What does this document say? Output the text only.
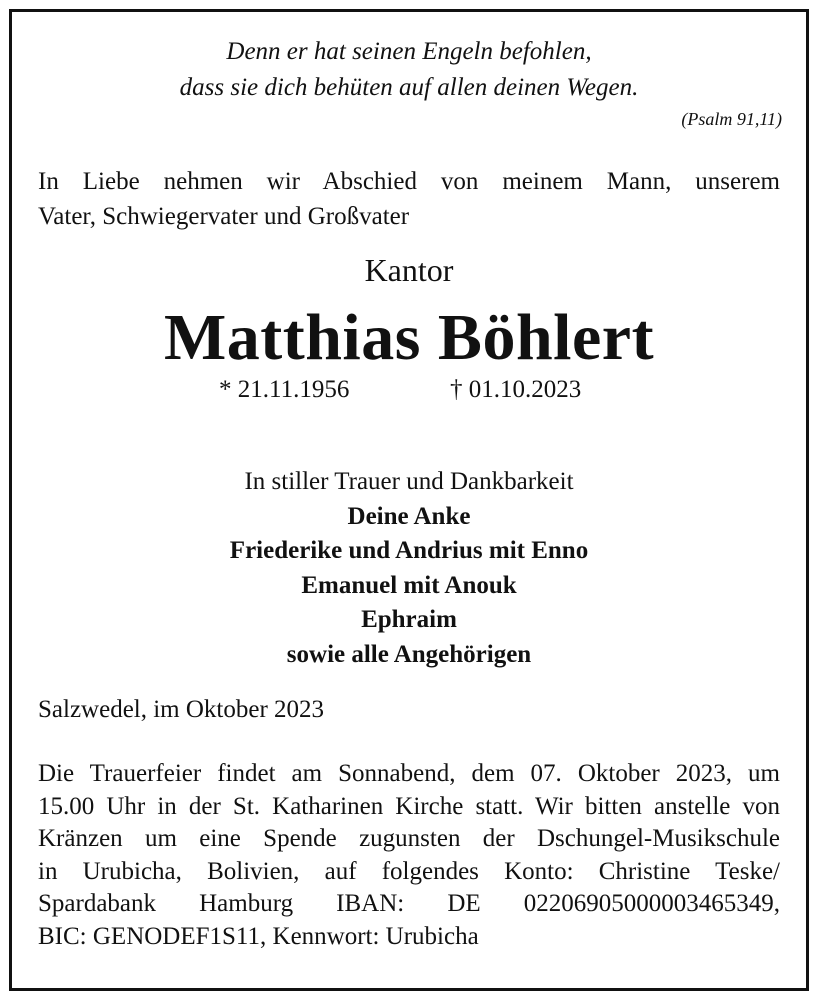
Denn er hat seinen Engeln befohlen,
dass sie dich behüten auf allen deinen Wegen.
(Psalm 91,11)
In Liebe nehmen wir Abschied von meinem Mann, unserem
Vater, Schwiegervater und Großvater
Kantor
Matthias Böhlert
* 21.11.1956	† 01.10.2023
In stiller Trauer und Dankbarkeit
Deine Anke
Friederike und Andrius mit Enno
Emanuel mit Anouk
Ephraim
sowie alle Angehörigen
Salzwedel, im Oktober 2023
Die Trauerfeier findet am Sonnabend, dem 07. Oktober 2023, um
15.00 Uhr in der St. Katharinen Kirche statt. Wir bitten anstelle von
Kränzen um eine Spende zugunsten der Dschungel-Musikschule
in Urubicha, Bolivien, auf folgendes Konto: Christine Teske/
Spardabank Hamburg IBAN: DE 02206905000003465349,
BIC: GENODEF1S11, Kennwort: Urubicha
